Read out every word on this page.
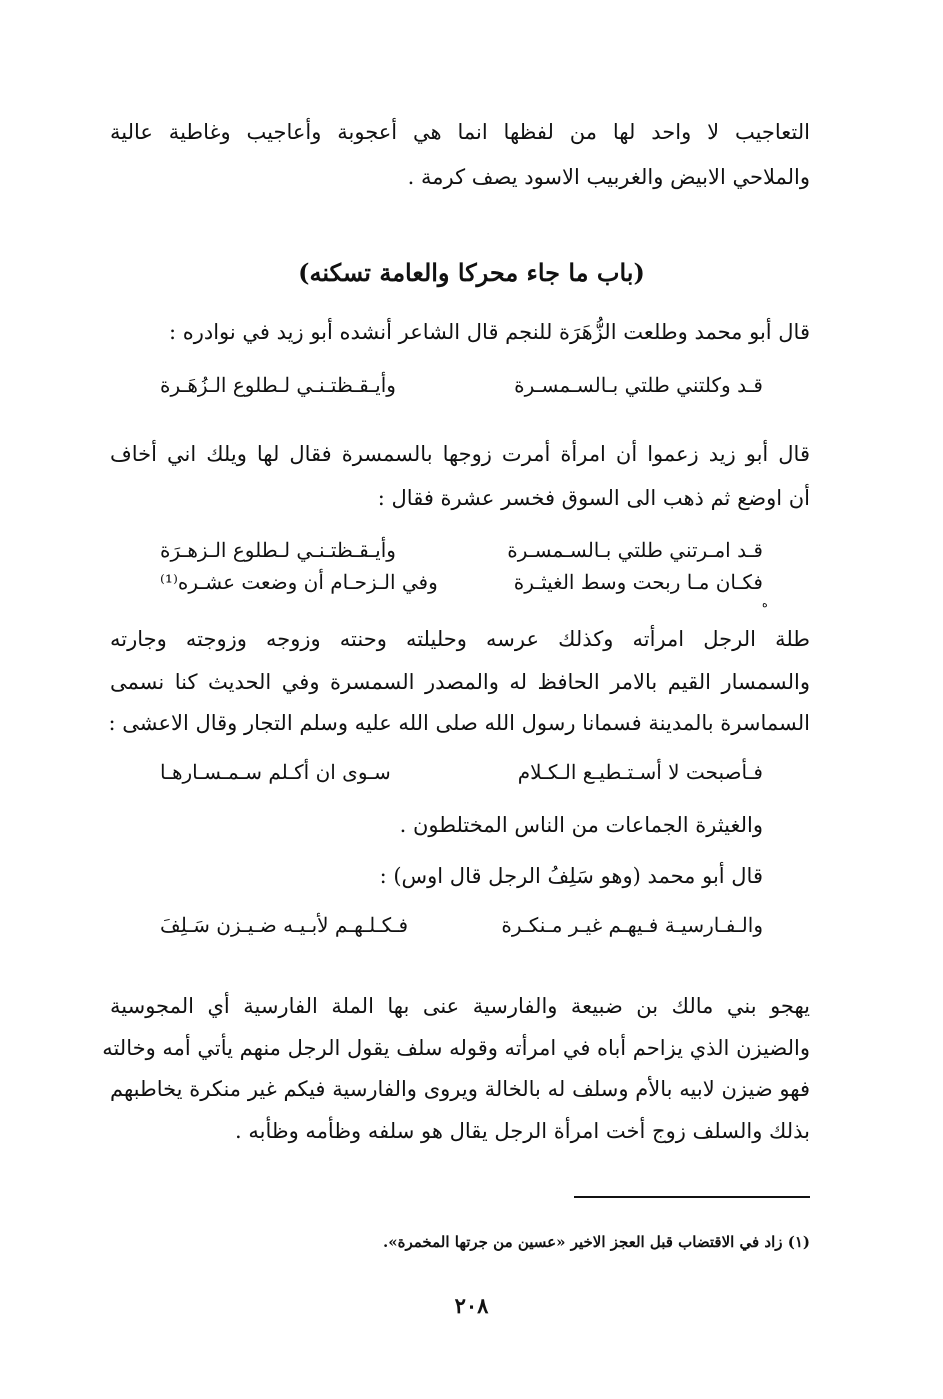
التعاجيب لا واحد لها من لفظها انما هي أعجوبة وأعاجيب وغاطية عالية
والملاحي الابيض والغربيب الاسود يصف كرمة .
(باب ما جاء محركا والعامة تسكنه)
قال أبو محمد وطلعت الزُّهَرَة للنجم قال الشاعر أنشده أبو زيد في نوادره :
قـد وكلتني طلتي بـالسـمسـرة
وأيـقـظتـنـي لـطلوع الـزُهَـرة
قال أبو زيد زعموا أن امرأة أمرت زوجها بالسمسرة فقال لها ويلك اني أخاف
أن اوضع ثم ذهب الى السوق فخسر عشرة فقال :
قـد امـرتني طلتي بـالسـمسـرة
وأيـقـظتـنـي لـطلوع الـزهـرَة
فكـان مـا ربحت وسط الغيثـرة
وفي الـزحـام أن وضعت عشـره⁽¹⁾
ه
طلة الرجل امرأته وكذلك عرسه وحليلته وحنته وزوجه وزوجته وجارته
والسمسار القيم بالامر الحافظ له والمصدر السمسرة وفي الحديث كنا نسمى
السماسرة بالمدينة فسمانا رسول الله صلى الله عليه وسلم التجار وقال الاعشى :
فـأصبحت لا أسـتـطيـع الـكـلام
سـوى ان أكـلم سـمـسـارهـا
والغيثرة الجماعات من الناس المختلطون .
قال أبو محمد (وهو سَلِفُ الرجل قال اوس) :
والـفـارسيـة فـيهـم غيـر مـنكـرة
فـكـلـهـم لأبـيـه ضـيـزن سَـلِفَ
يهجو بني مالك بن ضبيعة والفارسية عنى بها الملة الفارسية أي المجوسية
والضيزن الذي يزاحم أباه في امرأته وقوله سلف يقول الرجل منهم يأتي أمه وخالته
فهو ضيزن لابيه بالأم وسلف له بالخالة ويروى والفارسية فيكم غير منكرة يخاطبهم
بذلك والسلف زوج أخت امرأة الرجل يقال هو سلفه وظأمه وظأبه .
(١) زاد في الاقتضاب قبل العجز الاخير «عسين من جرتها المخمرة».
٢٠٨
